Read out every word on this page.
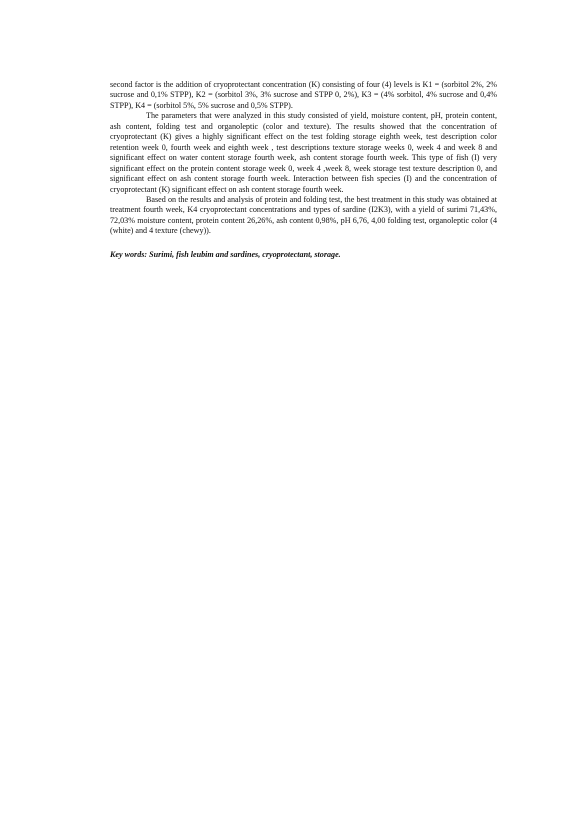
second factor is the addition of cryoprotectant concentration (K) consisting of four (4) levels is K1 = (sorbitol 2%, 2% sucrose and 0,1% STPP), K2 = (sorbitol 3%, 3% sucrose and STPP 0, 2%), K3 = (4% sorbitol, 4% sucrose and 0,4% STPP), K4 = (sorbitol 5%, 5% sucrose and 0,5% STPP).

The parameters that were analyzed in this study consisted of yield, moisture content, pH, protein content, ash content, folding test and organoleptic (color and texture). The results showed that the concentration of cryoprotectant (K) gives a highly significant effect on the test folding storage eighth week, test description color retention week 0, fourth week and eighth week , test descriptions texture storage weeks 0, week 4 and week 8 and significant effect on water content storage fourth week, ash content storage fourth week. This type of fish (I) very significant effect on the protein content storage week 0, week 4 ,week 8, week storage test texture description 0, and significant effect on ash content storage fourth week. Interaction between fish species (I) and the concentration of cryoprotectant (K) significant effect on ash content storage fourth week.

Based on the results and analysis of protein and folding test, the best treatment in this study was obtained at treatment fourth week, K4 cryoprotectant concentrations and types of sardine (I2K3), with a yield of surimi 71,43%, 72,03% moisture content, protein content 26,26%, ash content 0,98%, pH 6,76, 4,00 folding test, organoleptic color (4 (white) and 4 texture (chewy)).

Key words: Surimi, fish leubim and sardines, cryoprotectant, storage.
